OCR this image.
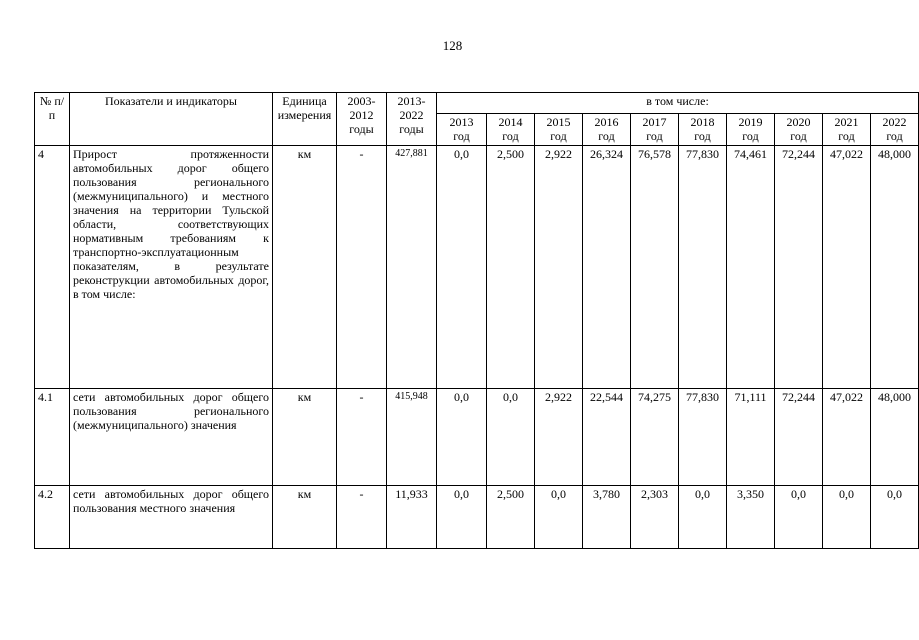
128
№ п/п	Показатели и индикаторы	Единица измерения	2003-2012 годы	2013-2022 годы	в том числе:									
					2013 год	2014 год	2015 год	2016 год	2017 год	2018 год	2019 год	2020 год	2021 год	2022 год
4	Прирост протяженности автомобильных дорог общего пользования регионального (межмуниципального) и местного значения на территории Тульской области, соответствующих нормативным требованиям к транспортно-эксплуатационным показателям, в результате реконструкции автомобильных дорог, в том числе:	км	-	427,881	0,0	2,500	2,922	26,324	76,578	77,830	74,461	72,244	47,022	48,000
4.1	сети автомобильных дорог общего пользования регионального (межмуниципального) значения	км	-	415,948	0,0	0,0	2,922	22,544	74,275	77,830	71,111	72,244	47,022	48,000
4.2	сети автомобильных дорог общего пользования местного значения	км	-	11,933	0,0	2,500	0,0	3,780	2,303	0,0	3,350	0,0	0,0	0,0
